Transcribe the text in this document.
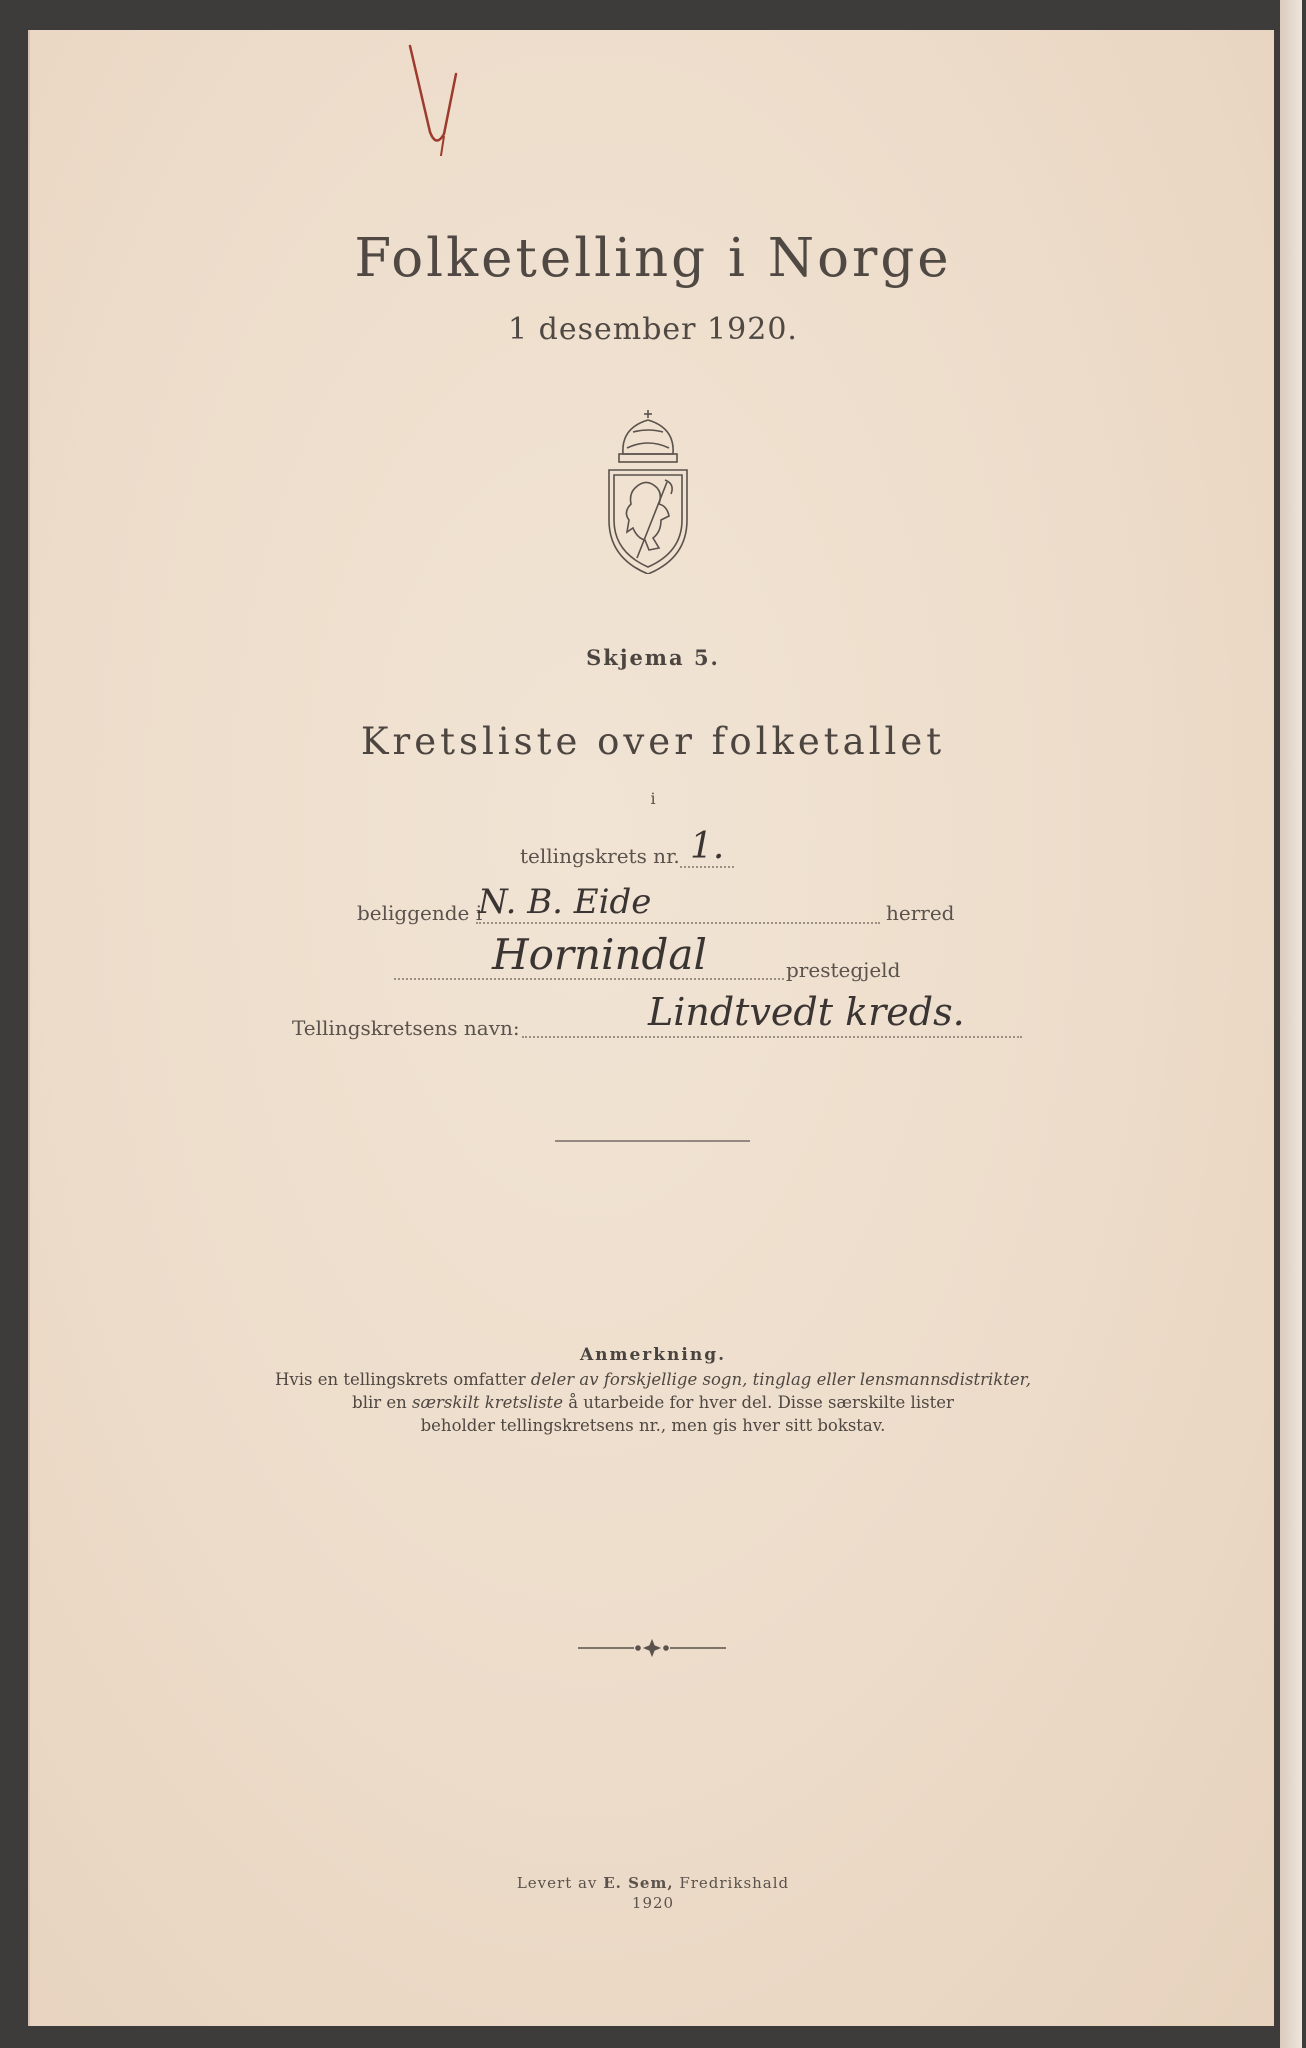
Folketelling i Norge
1 desember 1920.
Skjema 5.
Kretsliste over folketallet
i
tellingskrets nr. 1.
beliggende i
N. B. Eide	herred
Hornindal	prestegjeld
Tellingskretsens navn:	Lindtvedt kreds.
Anmerkning.
Hvis en tellingskrets omfatter deler av forskjellige sogn, tinglag eller lensmannsdistrikter,
blir en særskilt kretsliste å utarbeide for hver del. Disse særskilte lister
beholder tellingskretsens nr., men gis hver sitt bokstav.
Levert av E. Sem, Fredrikshald
1920
